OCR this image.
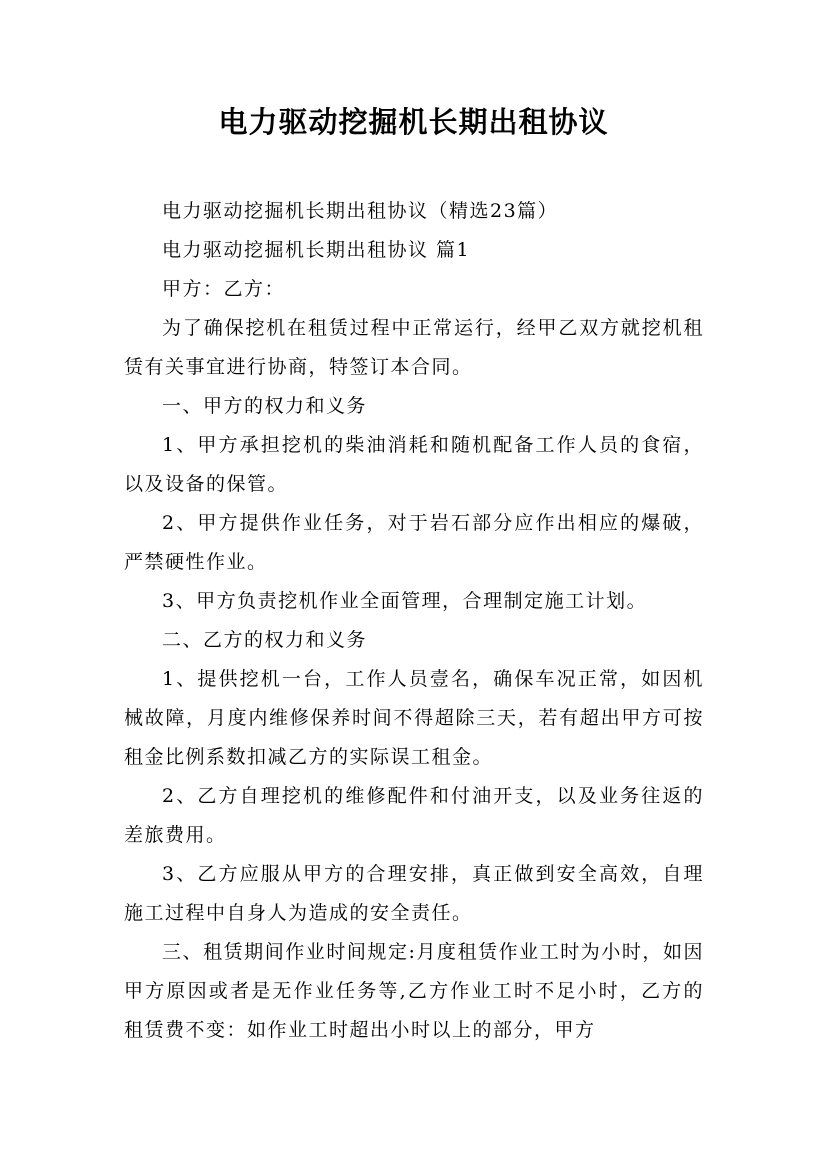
电力驱动挖掘机长期出租协议

电力驱动挖掘机长期出租协议（精选23篇）

电力驱动挖掘机长期出租协议 篇1

甲方：乙方：

为了确保挖机在租赁过程中正常运行，经甲乙双方就挖机租赁有关事宜进行协商，特签订本合同。

一、甲方的权力和义务

1、甲方承担挖机的柴油消耗和随机配备工作人员的食宿，以及设备的保管。

2、甲方提供作业任务，对于岩石部分应作出相应的爆破，严禁硬性作业。

3、甲方负责挖机作业全面管理，合理制定施工计划。

二、乙方的权力和义务

1、提供挖机一台，工作人员壹名，确保车况正常，如因机械故障，月度内维修保养时间不得超除三天，若有超出甲方可按租金比例系数扣减乙方的实际误工租金。

2、乙方自理挖机的维修配件和付油开支，以及业务往返的差旅费用。

3、乙方应服从甲方的合理安排，真正做到安全高效，自理施工过程中自身人为造成的安全责任。

三、租赁期间作业时间规定:月度租赁作业工时为小时，如因甲方原因或者是无作业任务等,乙方作业工时不足小时，乙方的租赁费不变：如作业工时超出小时以上的部分，甲方
